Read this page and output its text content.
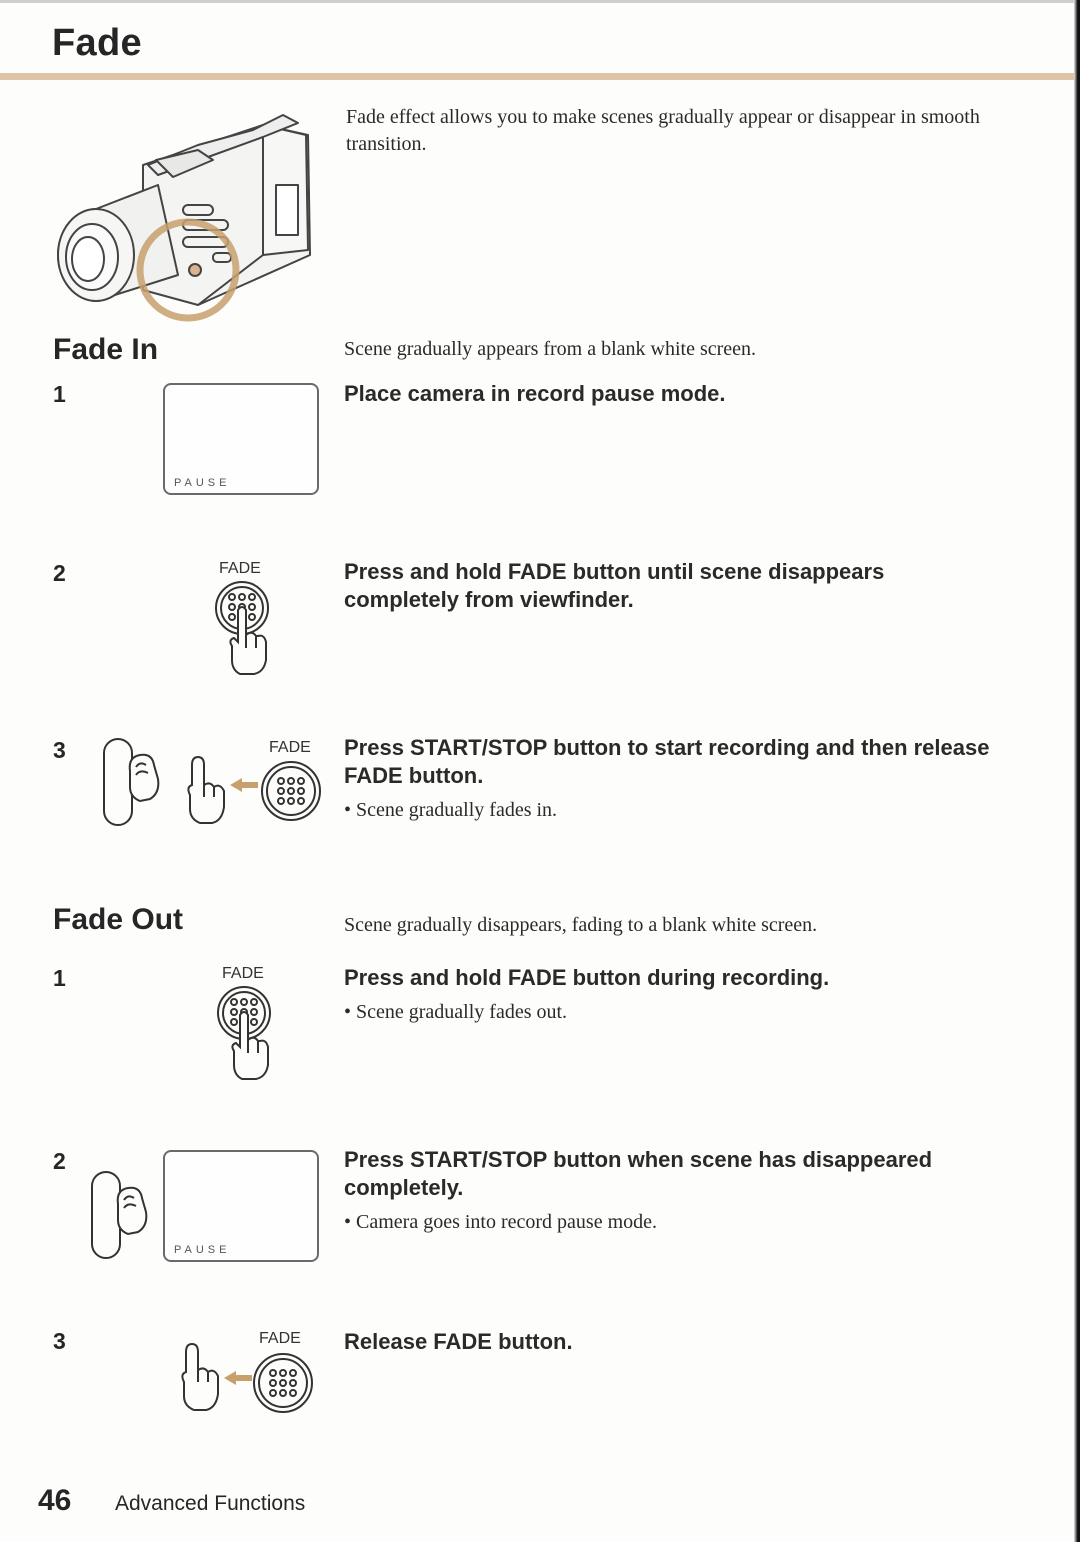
Fade
Fade effect allows you to make scenes gradually appear or disappear in smooth transition.
Fade In	Scene gradually appears from a blank white screen.
1
PAUSE

Place camera in record pause mode.

2	FADE	Press and hold FADE button until scene disappears completely from viewfinder.

3	FADE Press START/STOP button to start recording and then release FADE button.

• Scene gradually fades in.
Fade Out	Scene gradually disappears, fading to a blank white screen.
1	FADE	Press and hold FADE button during recording.

• Scene gradually fades out.
2
PAUSE

Press START/STOP button when scene has disappeared completely.

• Camera goes into record pause mode.
3	FADE Release FADE button.

46 Advanced Functions
